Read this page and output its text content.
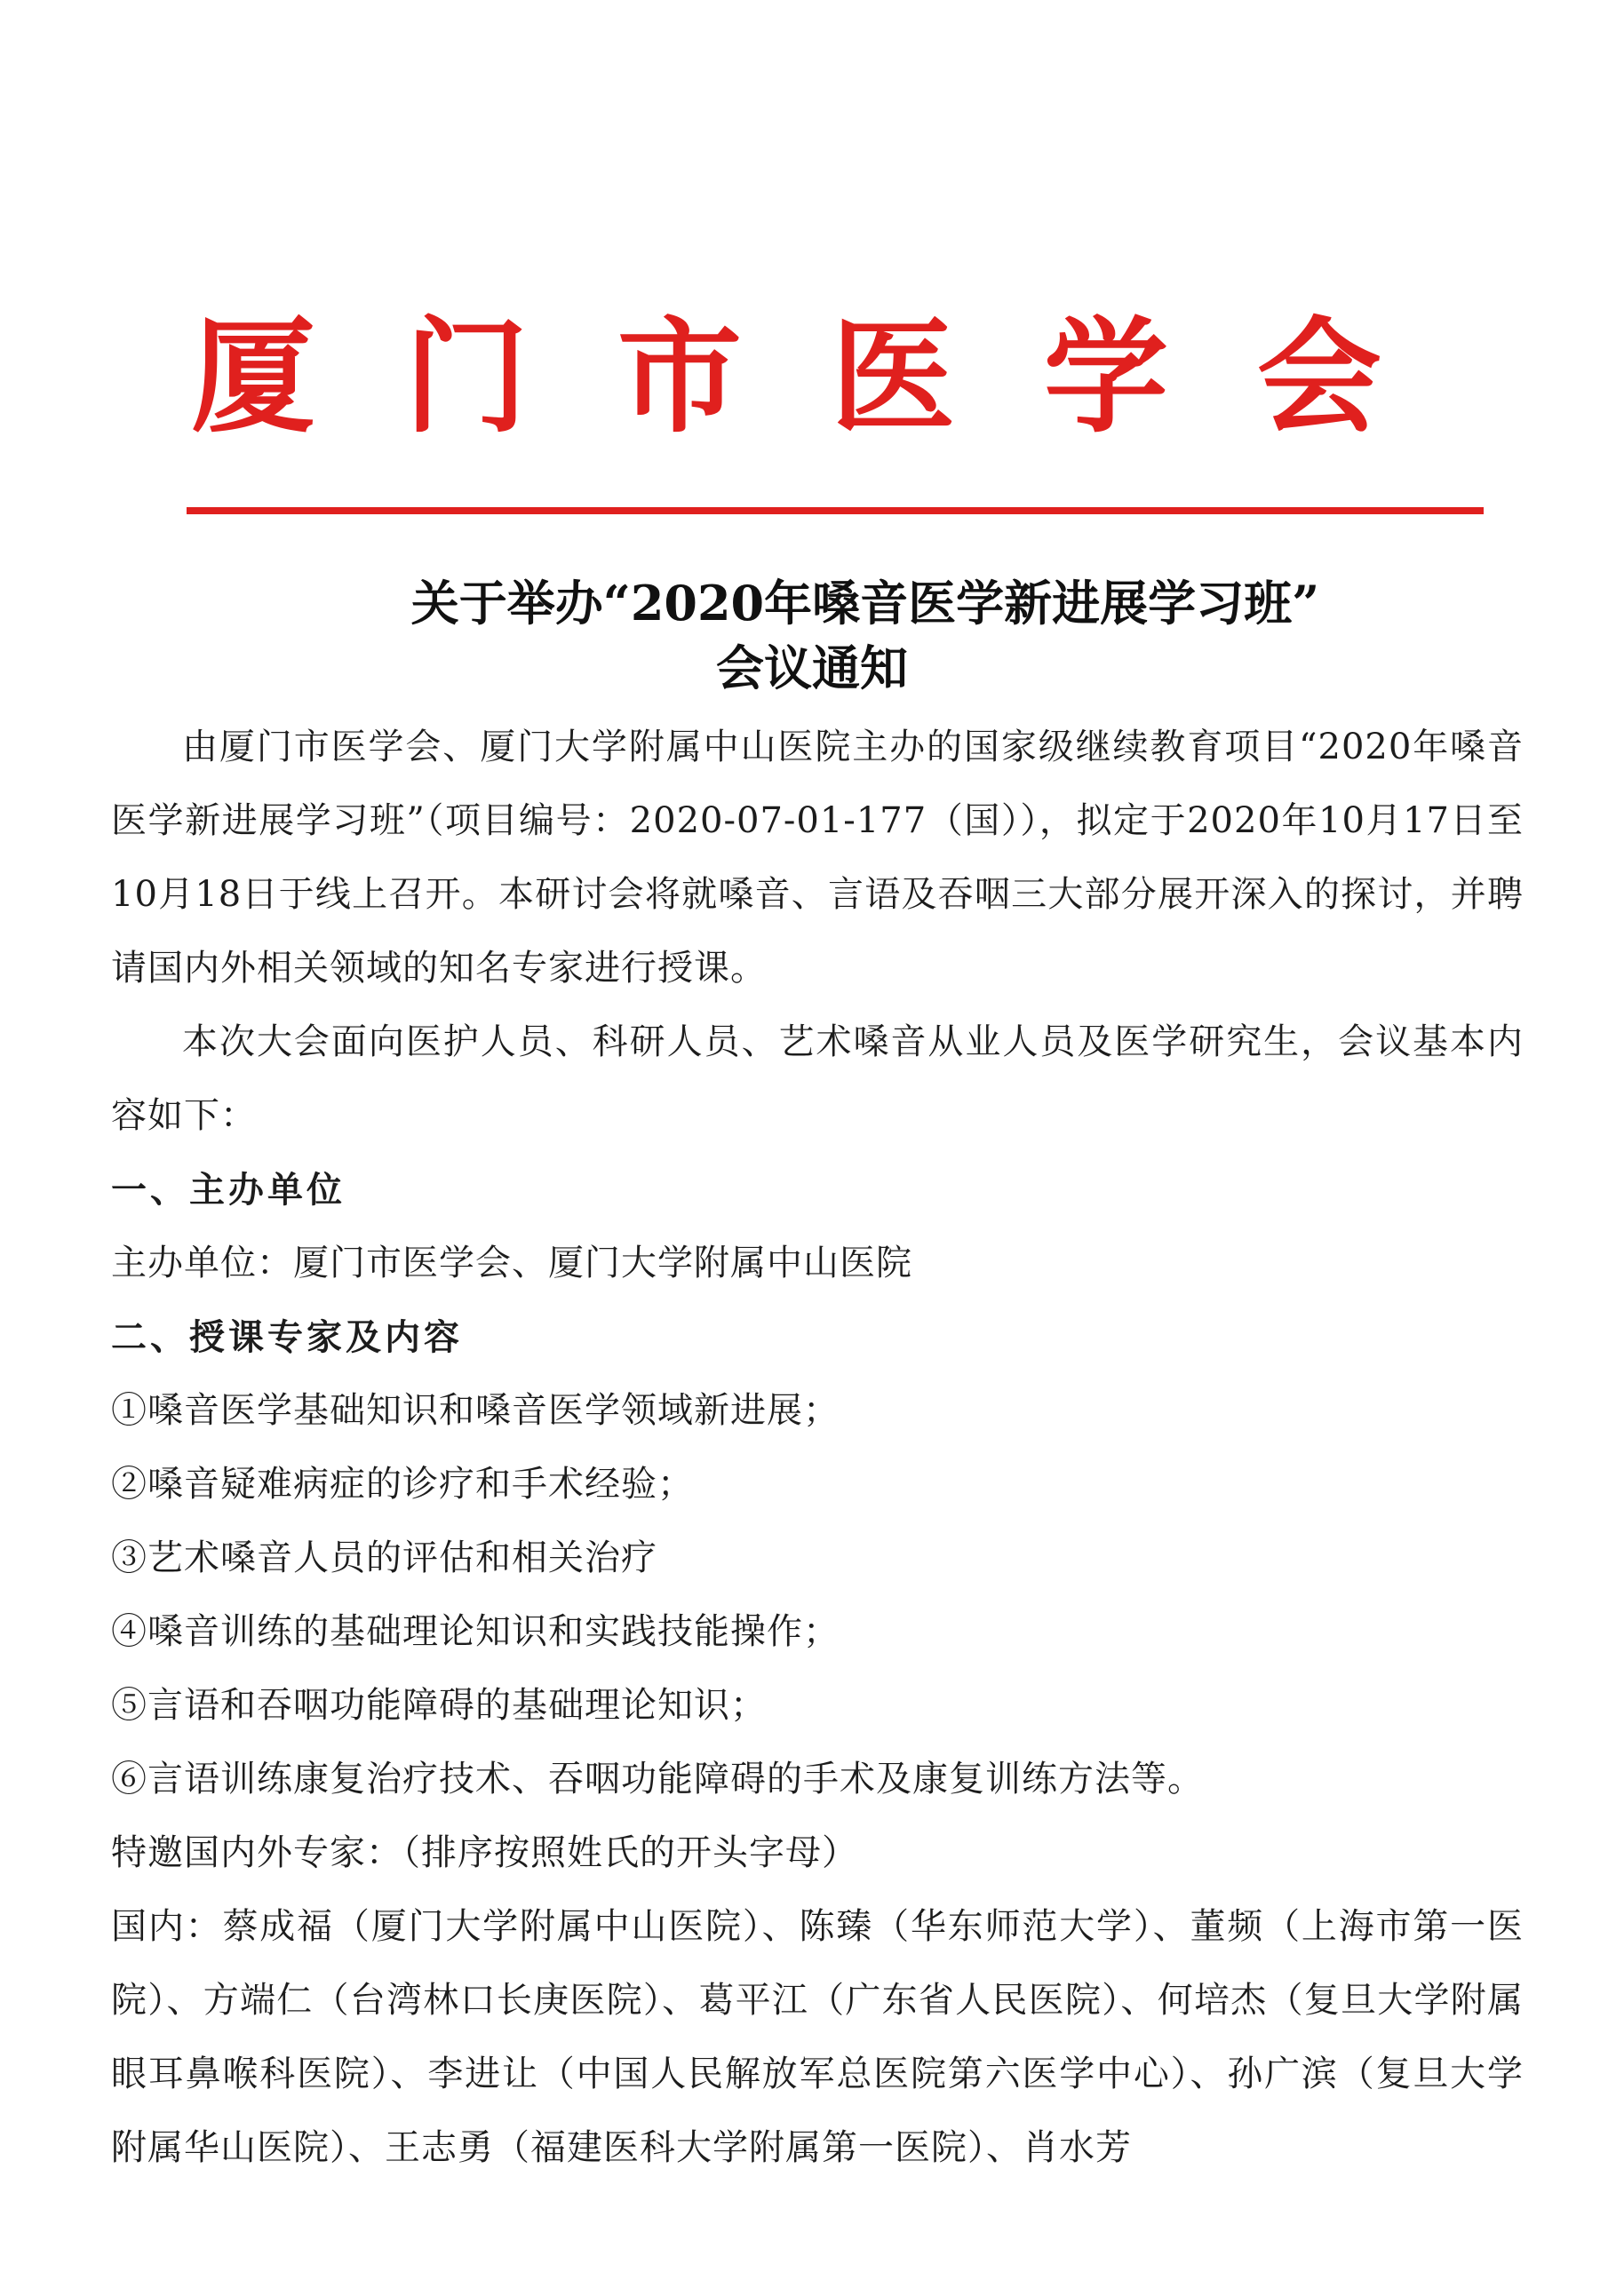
厦 门 市 医 学 会
关于举办“2020年嗓音医学新进展学习班”
会议通知

由厦门市医学会、厦门大学附属中山医院主办的国家级继续教育项目“2020年嗓音医学新进展学习班”（项目编号：2020-07-01-177（国）），拟定于2020年10月17日至10月18日于线上召开。本研讨会将就嗓音、言语及吞咽三大部分展开深入的探讨，并聘请国内外相关领域的知名专家进行授课。

本次大会面向医护人员、科研人员、艺术嗓音从业人员及医学研究生，会议基本内容如下：

一、主办单位

主办单位：厦门市医学会、厦门大学附属中山医院

二、授课专家及内容

①嗓音医学基础知识和嗓音医学领域新进展；

②嗓音疑难病症的诊疗和手术经验；

③艺术嗓音人员的评估和相关治疗

④嗓音训练的基础理论知识和实践技能操作；

⑤言语和吞咽功能障碍的基础理论知识；

⑥言语训练康复治疗技术、吞咽功能障碍的手术及康复训练方法等。

特邀国内外专家：（排序按照姓氏的开头字母）

国内：蔡成福（厦门大学附属中山医院）、陈臻（华东师范大学）、董频（上海市第一医院）、方端仁（台湾林口长庚医院）、葛平江（广东省人民医院）、何培杰（复旦大学附属眼耳鼻喉科医院）、李进让（中国人民解放军总医院第六医学中心）、孙广滨（复旦大学附属华山医院）、王志勇（福建医科大学附属第一医院）、肖水芳
